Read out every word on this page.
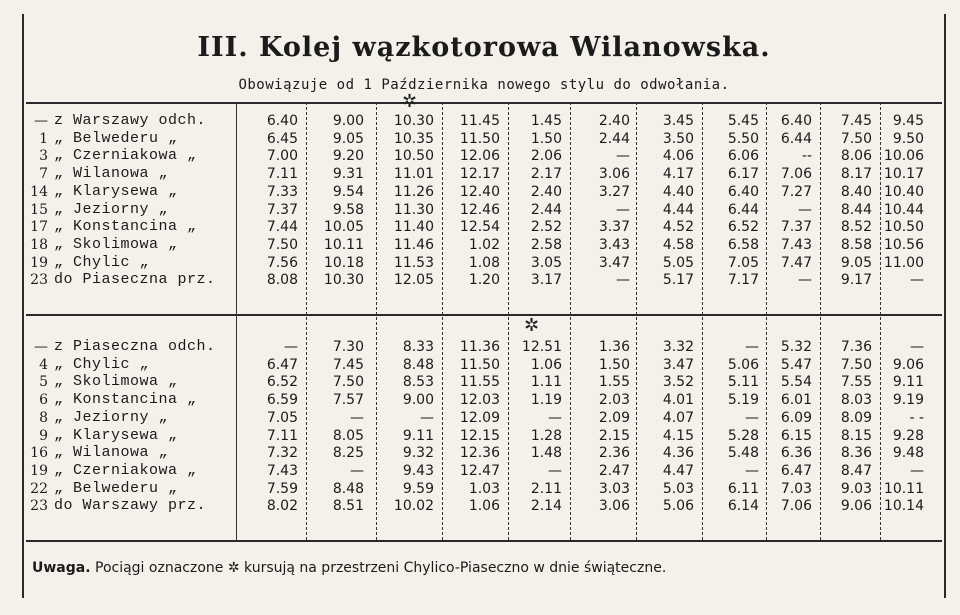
III. Kolej wązkotorowa Wilanowska.
Obowiązuje od 1 Października nowego stylu do odwołania.
— z Warszawy odch.	6.40	9.00	10.30	11.45	1.45	2.40	3.45	5.45	6.40	7.45	9.45
1 „ Belwederu „	6.45	9.05	10.35	11.50	1.50	2.44	3.50	5.50	6.44	7.50	9.50
3 „ Czerniakowa „	7.00	9.20	10.50	12.06	2.06	—	4.06	6.06	--	8.06 10.06
7 „ Wilanowa „	7.11	9.31	11.01	12.17	2.17	3.06	4.17	6.17	7.06	8.17 10.17
14 „ Klarysewa „	7.33	9.54	11.26	12.40	2.40	3.27	4.40	6.40	7.27	8.40 10.40
15 „ Jeziorny „	7.37	9.58	11.30	12.46	2.44	—	4.44	6.44	—	8.44 10.44
17 „ Konstancina „	7.44	10.05	11.40	12.54	2.52	3.37	4.52	6.52	7.37	8.52 10.50
18 „ Skolimowa „	7.50	10.11	11.46	1.02	2.58	3.43	4.58	6.58	7.43	8.58 10.56
19 „ Chylic „	7.56	10.18	11.53	1.08	3.05	3.47	5.05	7.05	7.47	9.05 11.00
23 do Piaseczna prz.	8.08	10.30	12.05	1.20	3.17	—	5.17	7.17	—	9.17	—
— z Piaseczna odch.	—	7.30	8.33	11.36	12.51	1.36	3.32	—	5.32	7.36	—
4 „ Chylic „	6.47	7.45	8.48	11.50	1.06	1.50	3.47	5.06	5.47	7.50	9.06
5 „ Skolimowa „	6.52	7.50	8.53	11.55	1.11	1.55	3.52	5.11	5.54	7.55	9.11
6 „ Konstancina „	6.59	7.57	9.00	12.03	1.19	2.03	4.01	5.19	6.01	8.03	9.19
8 „ Jeziorny „	7.05	—	—	12.09	—	2.09	4.07	—	6.09	8.09	- -
9 „ Klarysewa „	7.11	8.05	9.11	12.15	1.28	2.15	4.15	5.28	6.15	8.15	9.28
16 „ Wilanowa „	7.32	8.25	9.32	12.36	1.48	2.36	4.36	5.48	6.36	8.36	9.48
19 „ Czerniakowa „	7.43	—	9.43	12.47	—	2.47	4.47	—	6.47	8.47	—
22 „ Belwederu „	7.59	8.48	9.59	1.03	2.11	3.03	5.03	6.11	7.03	9.03 10.11
23 do Warszawy prz.	8.02	8.51	10.02	1.06	2.14	3.06	5.06	6.14	7.06	9.06 10.14
✲
✲
Uwaga. Pociągi oznaczone ✲ kursują na przestrzeni Chylico-Piaseczno w dnie świąteczne.
